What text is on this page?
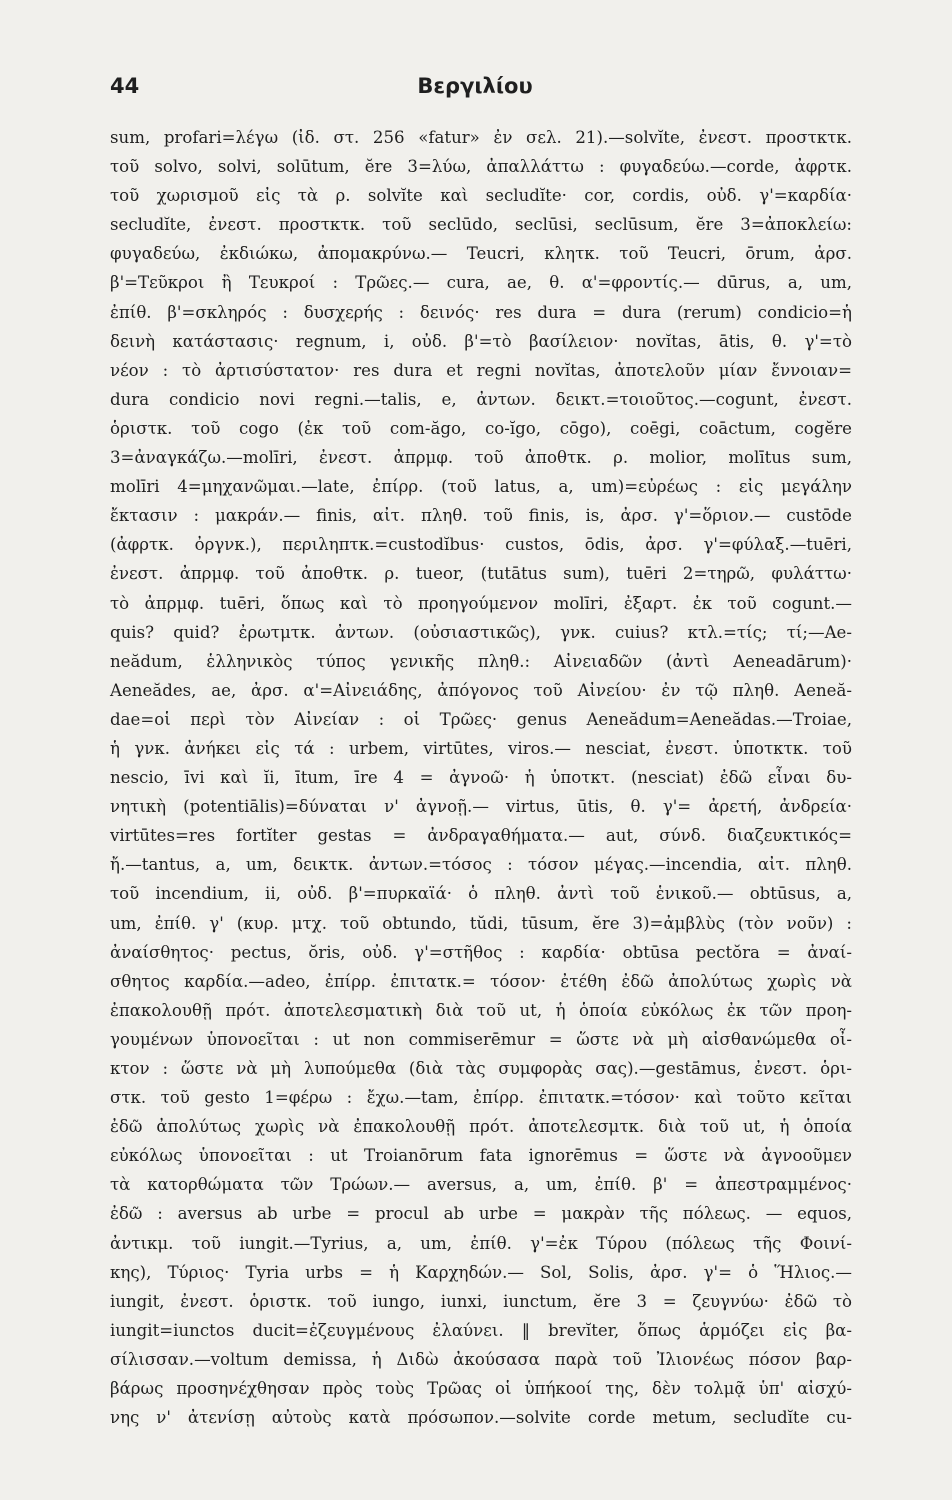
44	Βεργιλίου
sum, profari=λέγω (ἰδ. στ. 256 «fatur» ἐν σελ. 21).—solvĭte, ἐνεστ. προστκτκ.
τοῦ solvo, solvi, solūtum, ĕre 3=λύω, ἀπαλλάττω : φυγαδεύω.—corde, ἀφρτκ.
τοῦ χωρισμοῦ εἰς τὰ ρ. solvĭte καὶ secludĭte· cor, cordis, οὐδ. γ'=καρδία·
secludĭte, ἐνεστ. προστκτκ. τοῦ seclūdo, seclūsi, seclūsum, ĕre 3=ἀποκλείω:
φυγαδεύω, ἐκδιώκω, ἀπομακρύνω.— Teucri, κλητκ. τοῦ Teucri, ōrum, ἀρσ.
β'=Τεῦκροι ἢ Τευκροί : Τρῶες.— cura, ae, θ. α'=φροντίς.— dūrus, a, um,
ἐπίθ. β'=σκληρός : δυσχερής : δεινός· res dura = dura (rerum) condicio=ἡ
δεινὴ κατάστασις· regnum, i, οὐδ. β'=τὸ βασίλειον· novĭtas, ātis, θ. γ'=τὸ
νέον : τὸ ἀρτισύστατον· res dura et regni novĭtas, ἀποτελοῦν μίαν ἔννοιαν=
dura condicio novi regni.—talis, e, ἀντων. δεικτ.=τοιοῦτος.—cogunt, ἐνεστ.
ὁριστκ. τοῦ cogo (ἐκ τοῦ com-ăgo, co-ĭgo, cōgo), coēgi, coāctum, cogĕre
3=ἀναγκάζω.—molīri, ἐνεστ. ἀπρμφ. τοῦ ἀποθτκ. ρ. molior, molītus sum,
molīri 4=μηχανῶμαι.—late, ἐπίρρ. (τοῦ latus, a, um)=εὐρέως : εἰς μεγάλην
ἔκτασιν : μακράν.— finis, αἰτ. πληθ. τοῦ finis, is, ἀρσ. γ'=ὅριον.— custōde
(ἀφρτκ. ὀργνκ.), περιληπτκ.=custodĭbus· custos, ōdis, ἀρσ. γ'=φύλαξ.—tuēri,
ἐνεστ. ἀπρμφ. τοῦ ἀποθτκ. ρ. tueor, (tutātus sum), tuēri 2=τηρῶ, φυλάττω·
τὸ ἀπρμφ. tuēri, ὅπως καὶ τὸ προηγούμενον molīri, ἐξαρτ. ἐκ τοῦ cogunt.—
quis? quid? ἐρωτμτκ. ἀντων. (οὐσιαστικῶς), γνκ. cuius? κτλ.=τίς; τί;—Ae-
neădum, ἑλληνικὸς τύπος γενικῆς πληθ.: Αἰνειαδῶν (ἀντὶ Aeneadārum)·
Aeneădes, ae, ἀρσ. α'=Αἰνειάδης, ἀπόγονος τοῦ Αἰνείου· ἐν τῷ πληθ. Aeneă-
dae=οἱ περὶ τὸν Αἰνείαν : οἱ Τρῶες· genus Aeneădum=Aeneădas.—Troiae,
ἡ γνκ. ἀνήκει εἰς τά : urbem, virtūtes, viros.— nesciat, ἐνεστ. ὑποτκτκ. τοῦ
nescio, īvi καὶ ĭi, ītum, īre 4 = ἀγνοῶ· ἡ ὑποτκτ. (nesciat) ἐδῶ εἶναι δυ-
νητικὴ (potentiālis)=δύναται ν' ἀγνοῇ.— virtus, ūtis, θ. γ'= ἀρετή, ἀνδρεία·
virtūtes=res fortĭter gestas = ἀνδραγαθήματα.— aut, σύνδ. διαζευκτικός=
ἤ.—tantus, a, um, δεικτκ. ἀντων.=τόσος : τόσον μέγας.—incendia, αἰτ. πληθ.
τοῦ incendium, ii, οὐδ. β'=πυρκαϊά· ὁ πληθ. ἀντὶ τοῦ ἑνικοῦ.— obtūsus, a,
um, ἐπίθ. γ' (κυρ. μτχ. τοῦ obtundo, tŭdi, tūsum, ĕre 3)=ἀμβλὺς (τὸν νοῦν) :
ἀναίσθητος· pectus, ŏris, οὐδ. γ'=στῆθος : καρδία· obtūsa pectŏra = ἀναί-
σθητος καρδία.—adeo, ἐπίρρ. ἐπιτατκ.= τόσον· ἐτέθη ἐδῶ ἀπολύτως χωρὶς νὰ
ἐπακολουθῇ πρότ. ἀποτελεσματικὴ διὰ τοῦ ut, ἡ ὁποία εὐκόλως ἐκ τῶν προη-
γουμένων ὑπονοεῖται : ut non commiserēmur = ὥστε νὰ μὴ αἰσθανώμεθα οἶ-
κτον : ὥστε νὰ μὴ λυπούμεθα (διὰ τὰς συμφορὰς σας).—gestāmus, ἐνεστ. ὁρι-
στκ. τοῦ gesto 1=φέρω : ἔχω.—tam, ἐπίρρ. ἐπιτατκ.=τόσον· καὶ τοῦτο κεῖται
ἐδῶ ἀπολύτως χωρὶς νὰ ἐπακολουθῇ πρότ. ἀποτελεσμτκ. διὰ τοῦ ut, ἡ ὁποία
εὐκόλως ὑπονοεῖται : ut Troianōrum fata ignorēmus = ὥστε νὰ ἀγνοοῦμεν
τὰ κατορθώματα τῶν Τρώων.— aversus, a, um, ἐπίθ. β' = ἀπεστραμμένος·
ἐδῶ : aversus ab urbe = procul ab urbe = μακρὰν τῆς πόλεως. — equos,
ἀντικμ. τοῦ iungit.—Tyrius, a, um, ἐπίθ. γ'=ἐκ Τύρου (πόλεως τῆς Φοινί-
κης), Τύριος· Tyria urbs = ἡ Καρχηδών.— Sol, Solis, ἀρσ. γ'= ὁ Ἥλιος.—
iungit, ἐνεστ. ὁριστκ. τοῦ iungo, iunxi, iunctum, ĕre 3 = ζευγνύω· ἐδῶ τὸ
iungit=iunctos ducit=ἐζευγμένους ἐλαύνει. ‖ brevĭter, ὅπως ἁρμόζει εἰς βα-
σίλισσαν.—voltum demissa, ἡ Διδὼ ἀκούσασα παρὰ τοῦ Ἰλιονέως πόσον βαρ-
βάρως προσηνέχθησαν πρὸς τοὺς Τρῶας οἱ ὑπήκοοί της, δὲν τολμᾷ ὑπ' αἰσχύ-
νης ν' ἀτενίσῃ αὐτοὺς κατὰ πρόσωπον.—solvite corde metum, secludĭte cu-
